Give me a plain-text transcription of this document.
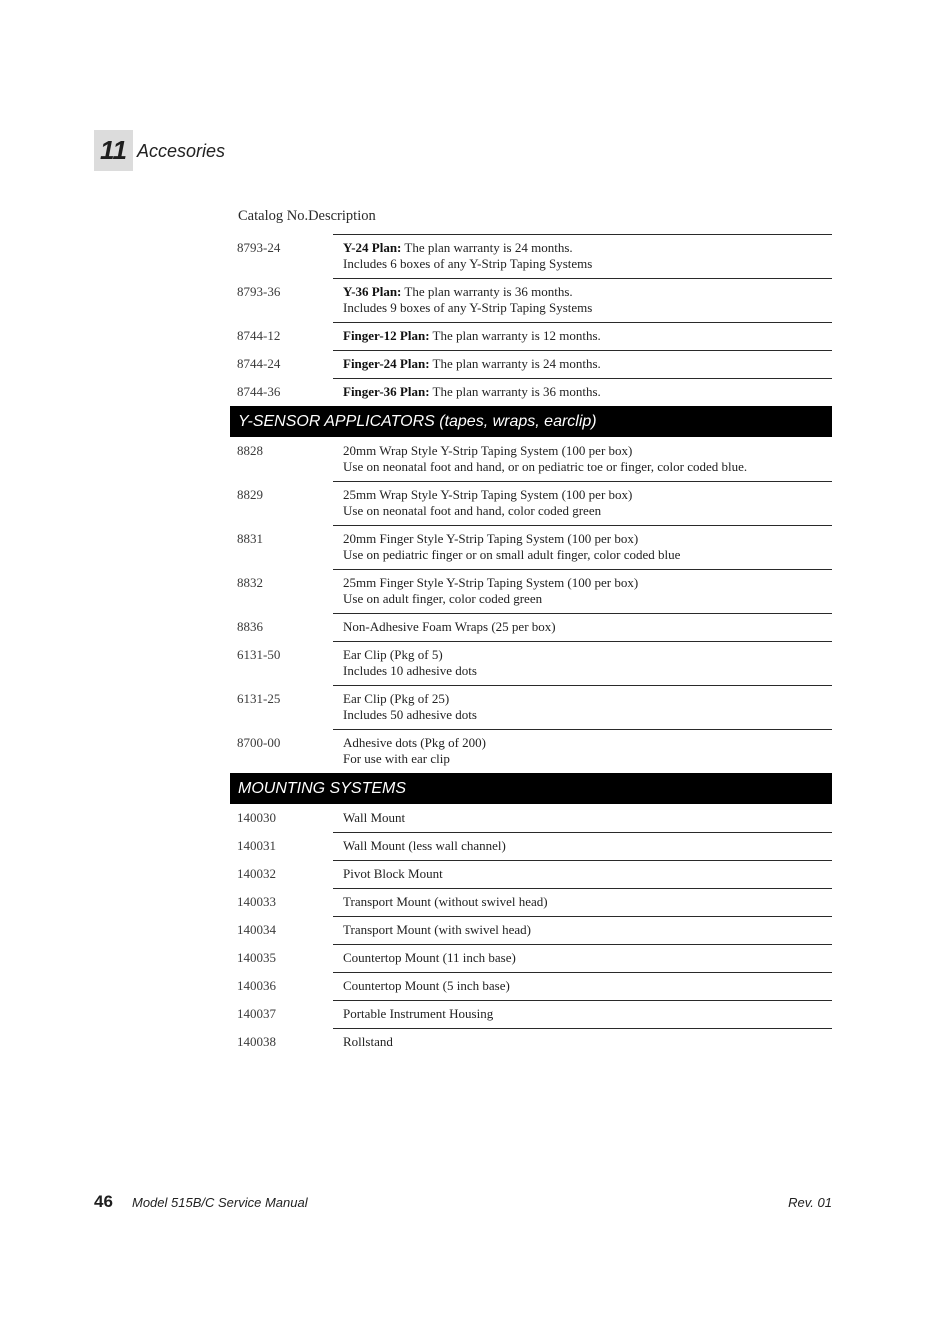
11 Accesories
Catalog No.Description
8793-24	Y-24 Plan: The plan warranty is 24 months.
Includes 6 boxes of any Y-Strip Taping Systems
8793-36	Y-36 Plan: The plan warranty is 36 months.
Includes 9 boxes of any Y-Strip Taping Systems
8744-12	Finger-12 Plan: The plan warranty is 12 months.
8744-24	Finger-24 Plan: The plan warranty is 24 months.
8744-36	Finger-36 Plan: The plan warranty is 36 months.
Y-SENSOR APPLICATORS (tapes, wraps, earclip)
8828	20mm Wrap Style Y-Strip Taping System (100 per box)
Use on neonatal foot and hand, or on pediatric toe or finger, color coded blue.
8829	25mm Wrap Style Y-Strip Taping System (100 per box)
Use on neonatal foot and hand, color coded green
8831	20mm Finger Style Y-Strip Taping System (100 per box)
Use on pediatric finger or on small adult finger, color coded blue
8832	25mm Finger Style Y-Strip Taping System (100 per box)
Use on adult finger, color coded green
8836	Non-Adhesive Foam Wraps (25 per box)
6131-50	Ear Clip (Pkg of 5)
Includes 10 adhesive dots
6131-25	Ear Clip (Pkg of 25)
Includes 50 adhesive dots
8700-00	Adhesive dots (Pkg of 200)
For use with ear clip
MOUNTING SYSTEMS
140030	Wall Mount
140031	Wall Mount (less wall channel)
140032	Pivot Block Mount
140033	Transport Mount (without swivel head)
140034	Transport Mount (with swivel head)
140035	Countertop Mount (11 inch base)
140036	Countertop Mount (5 inch base)
140037	Portable Instrument Housing
140038	Rollstand
46 Model 515B/C Service Manual	Rev. 01
